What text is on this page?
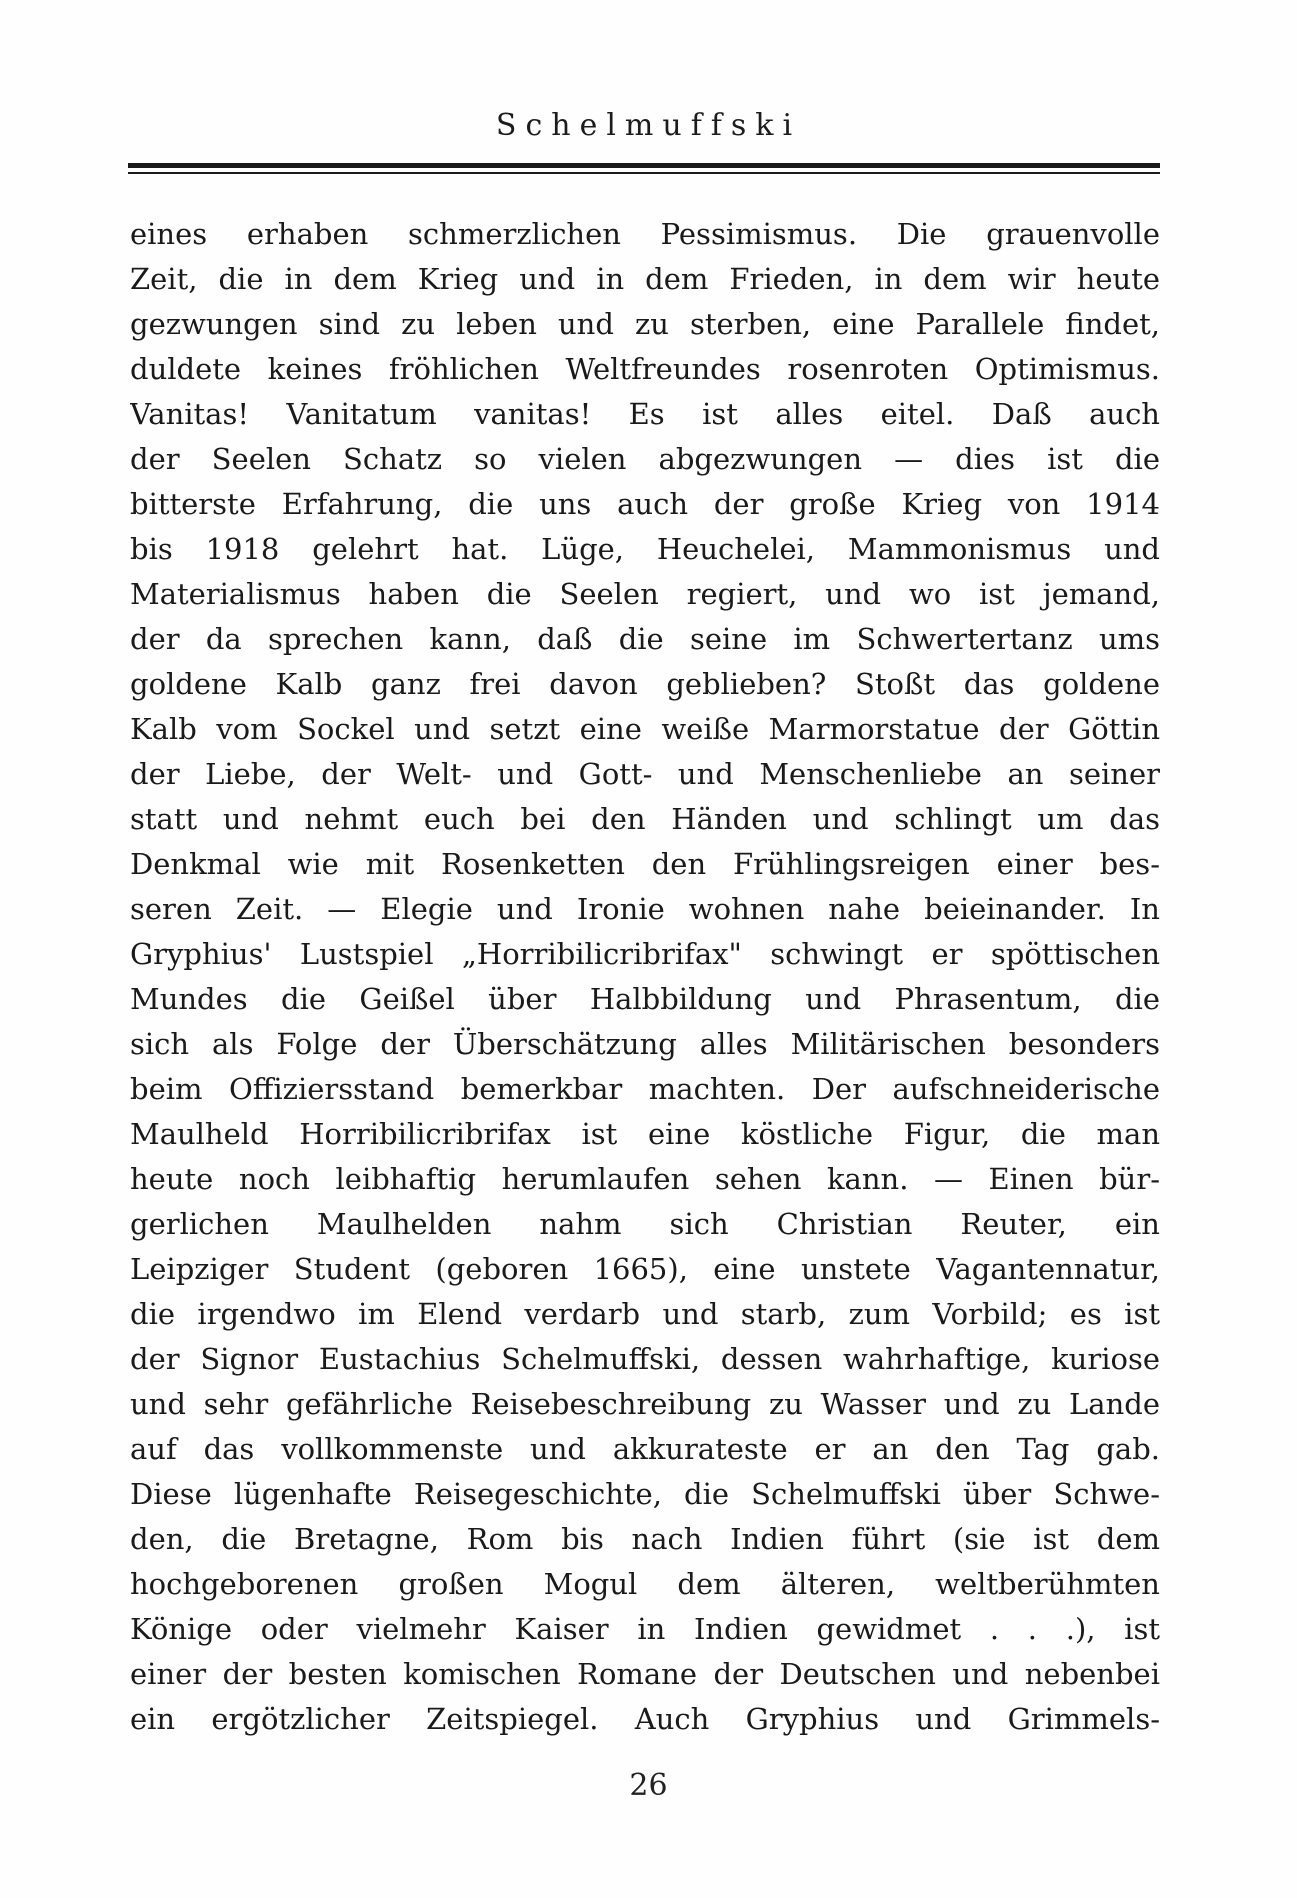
Schelmuffski
eines erhaben schmerzlichen Pessimismus. Die grauenvolle
Zeit, die in dem Krieg und in dem Frieden, in dem wir heute
gezwungen sind zu leben und zu sterben, eine Parallele findet,
duldete keines fröhlichen Weltfreundes rosenroten Optimismus.
Vanitas! Vanitatum vanitas! Es ist alles eitel. Daß auch
der Seelen Schatz so vielen abgezwungen — dies ist die
bitterste Erfahrung, die uns auch der große Krieg von 1914
bis 1918 gelehrt hat. Lüge, Heuchelei, Mammonismus und
Materialismus haben die Seelen regiert, und wo ist jemand,
der da sprechen kann, daß die seine im Schwertertanz ums
goldene Kalb ganz frei davon geblieben? Stoßt das goldene
Kalb vom Sockel und setzt eine weiße Marmorstatue der Göttin
der Liebe, der Welt- und Gott- und Menschenliebe an seiner
statt und nehmt euch bei den Händen und schlingt um das
Denkmal wie mit Rosenketten den Frühlingsreigen einer bes-
seren Zeit. — Elegie und Ironie wohnen nahe beieinander. In
Gryphius' Lustspiel „Horribilicribrifax" schwingt er spöttischen
Mundes die Geißel über Halbbildung und Phrasentum, die
sich als Folge der Überschätzung alles Militärischen besonders
beim Offiziersstand bemerkbar machten. Der aufschneiderische
Maulheld Horribilicribrifax ist eine köstliche Figur, die man
heute noch leibhaftig herumlaufen sehen kann. — Einen bür-
gerlichen Maulhelden nahm sich Christian Reuter, ein
Leipziger Student (geboren 1665), eine unstete Vagantennatur,
die irgendwo im Elend verdarb und starb, zum Vorbild; es ist
der Signor Eustachius Schelmuffski, dessen wahrhaftige, kuriose
und sehr gefährliche Reisebeschreibung zu Wasser und zu Lande
auf das vollkommenste und akkurateste er an den Tag gab.
Diese lügenhafte Reisegeschichte, die Schelmuffski über Schwe-
den, die Bretagne, Rom bis nach Indien führt (sie ist dem
hochgeborenen großen Mogul dem älteren, weltberühmten
Könige oder vielmehr Kaiser in Indien gewidmet . . .), ist
einer der besten komischen Romane der Deutschen und nebenbei
ein ergötzlicher Zeitspiegel. Auch Gryphius und Grimmels-
26
